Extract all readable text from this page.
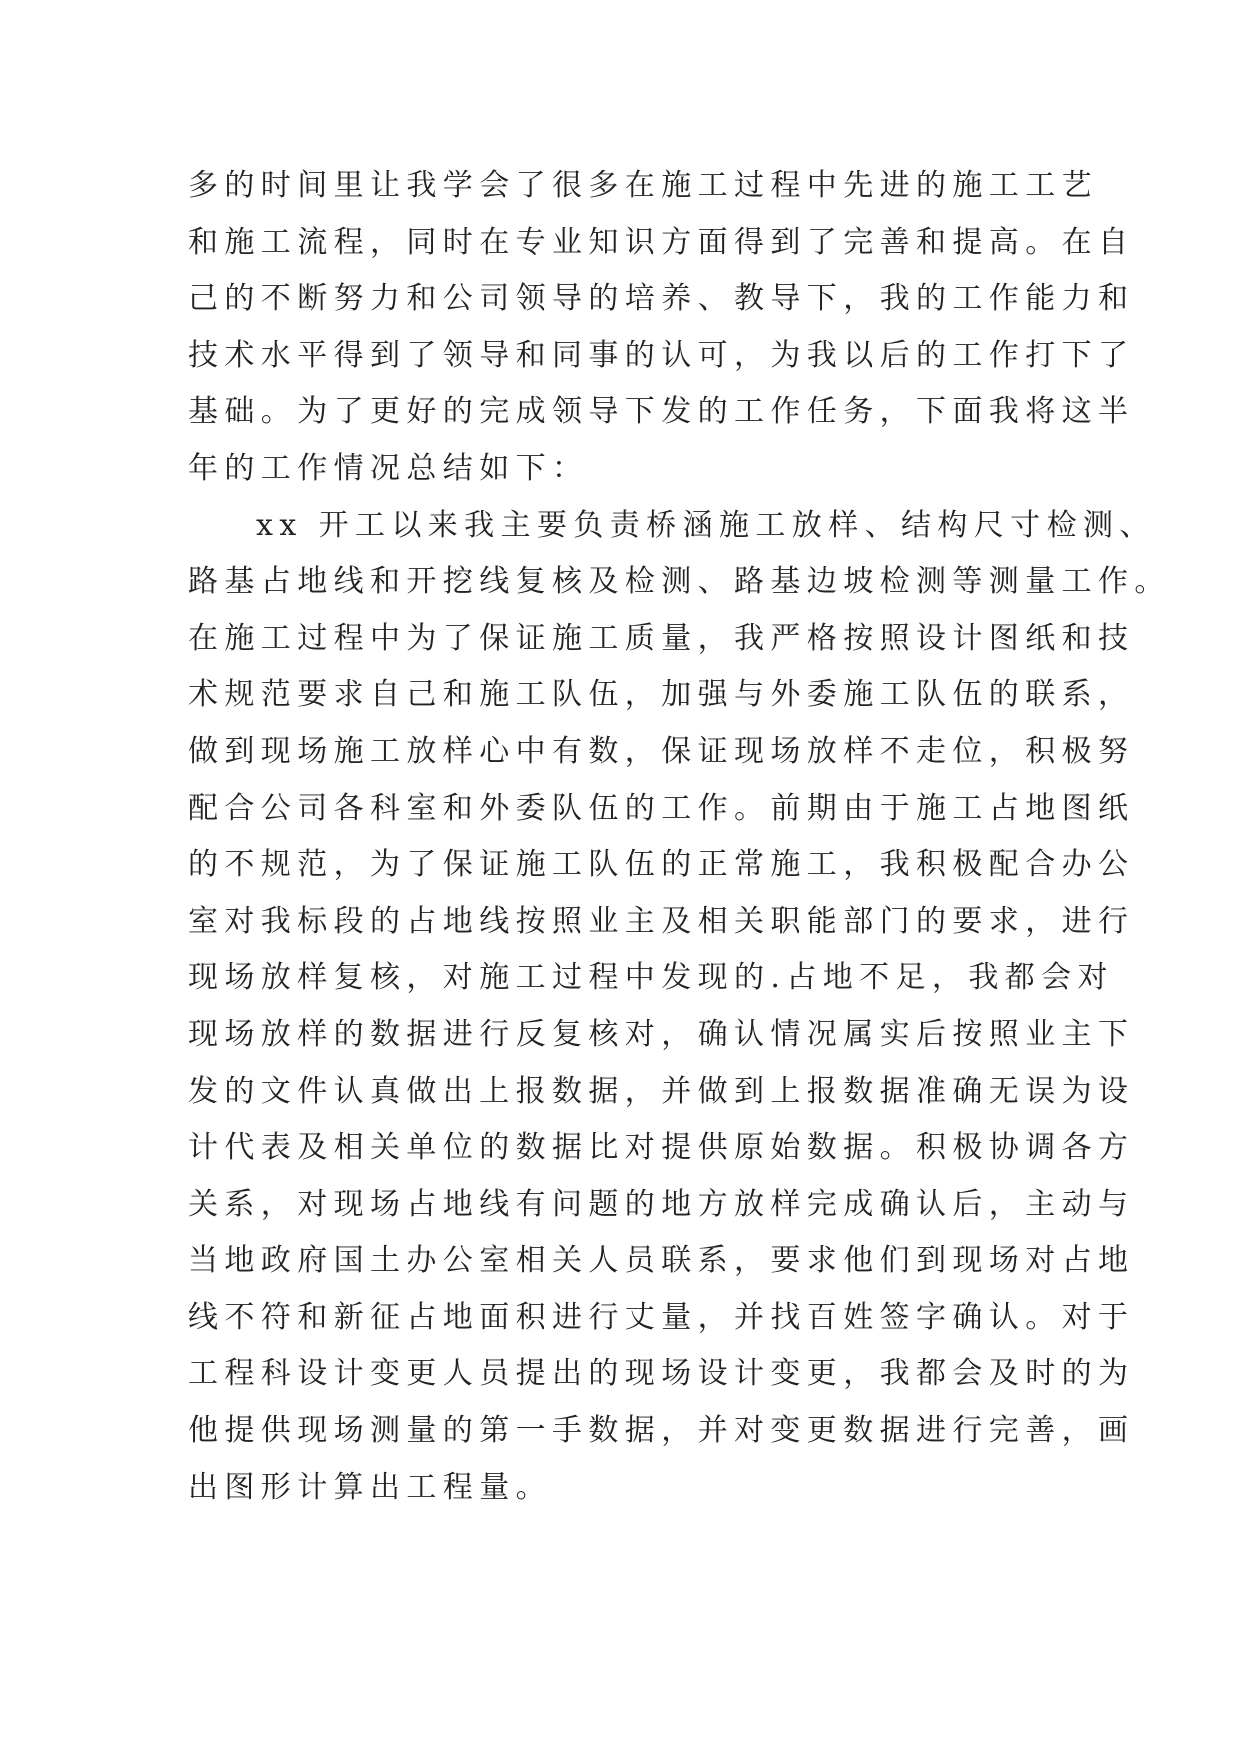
多的时间里让我学会了很多在施工过程中先进的施工工艺
和施工流程，同时在专业知识方面得到了完善和提高。在自
己的不断努力和公司领导的培养、教导下，我的工作能力和
技术水平得到了领导和同事的认可，为我以后的工作打下了
基础。为了更好的完成领导下发的工作任务，下面我将这半
年的工作情况总结如下：
xx 开工以来我主要负责桥涵施工放样、结构尺寸检测、
路基占地线和开挖线复核及检测、路基边坡检测等测量工作。
在施工过程中为了保证施工质量，我严格按照设计图纸和技
术规范要求自己和施工队伍，加强与外委施工队伍的联系，
做到现场施工放样心中有数，保证现场放样不走位，积极努
配合公司各科室和外委队伍的工作。前期由于施工占地图纸
的不规范，为了保证施工队伍的正常施工，我积极配合办公
室对我标段的占地线按照业主及相关职能部门的要求，进行
现场放样复核，对施工过程中发现的.占地不足，我都会对
现场放样的数据进行反复核对，确认情况属实后按照业主下
发的文件认真做出上报数据，并做到上报数据准确无误为设
计代表及相关单位的数据比对提供原始数据。积极协调各方
关系，对现场占地线有问题的地方放样完成确认后，主动与
当地政府国土办公室相关人员联系，要求他们到现场对占地
线不符和新征占地面积进行丈量，并找百姓签字确认。对于
工程科设计变更人员提出的现场设计变更，我都会及时的为
他提供现场测量的第一手数据，并对变更数据进行完善，画
出图形计算出工程量。
